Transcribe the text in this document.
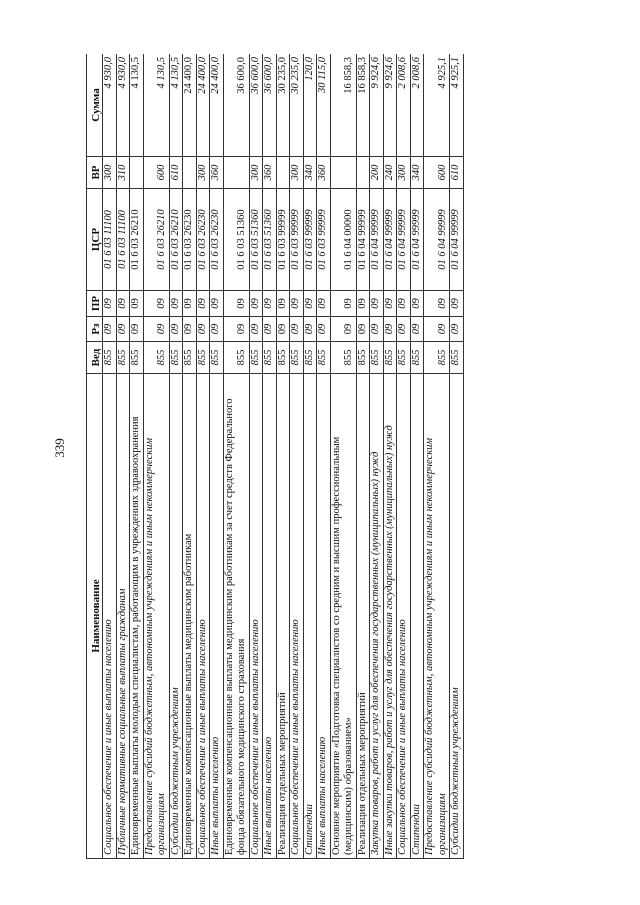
339
Наименование	Вед	Рз	ПР	ЦСР	ВР	Сумма
Социальное обеспечение и иные выплаты населению	855	09	09	01 6 03 11100	300	4 930,0
Публичные нормативные социальные выплаты гражданам	855	09	09	01 6 03 11100	310	4 930,0
Единовременные выплаты молодым специалистам, работающим в учреждениях здравоохранения	855	09	09	01 6 03 26210		4 130,5
Предоставление субсидий бюджетным, автономным учреждениям и иным некоммерческим организациям	855	09	09	01 6 03 26210	600	4 130,5
Субсидии бюджетным учреждениям	855	09	09	01 6 03 26210	610	4 130,5
Единовременные компенсационные выплаты медицинским работникам	855	09	09	01 6 03 26230		24 400,0
Социальное обеспечение и иные выплаты населению	855	09	09	01 6 03 26230	300	24 400,0
Иные выплаты населению	855	09	09	01 6 03 26230	360	24 400,0
Единовременные компенсационные выплаты медицинским работникам за счет средств Федерального фонда обязательного медицинского страхования	855	09	09	01 6 03 51360		36 600,0
Социальное обеспечение и иные выплаты населению	855	09	09	01 6 03 51360	300	36 600,0
Иные выплаты населению	855	09	09	01 6 03 51360	360	36 600,0
Реализация отдельных мероприятий	855	09	09	01 6 03 99999		30 235,0
Социальное обеспечение и иные выплаты населению	855	09	09	01 6 03 99999	300	30 235,0
Стипендии	855	09	09	01 6 03 99999	340	120,0
Иные выплаты населению	855	09	09	01 6 03 99999	360	30 115,0
Основное мероприятие «Подготовка специалистов со средним и высшим профессиональным (медицинским) образованием»	855	09	09	01 6 04 00000		16 858,3
Реализация отдельных мероприятий	855	09	09	01 6 04 99999		16 858,3
Закупка товаров, работ и услуг для обеспечения государственных (муниципальных) нужд	855	09	09	01 6 04 99999	200	9 924,6
Иные закупки товаров, работ и услуг для обеспечения государственных (муниципальных) нужд	855	09	09	01 6 04 99999	240	9 924,6
Социальное обеспечение и иные выплаты населению	855	09	09	01 6 04 99999	300	2 008,6
Стипендии	855	09	09	01 6 04 99999	340	2 008,6
Предоставление субсидий бюджетным, автономным учреждениям и иным некоммерческим организациям	855	09	09	01 6 04 99999	600	4 925,1
Субсидии бюджетным учреждениям	855	09	09	01 6 04 99999	610	4 925,1
